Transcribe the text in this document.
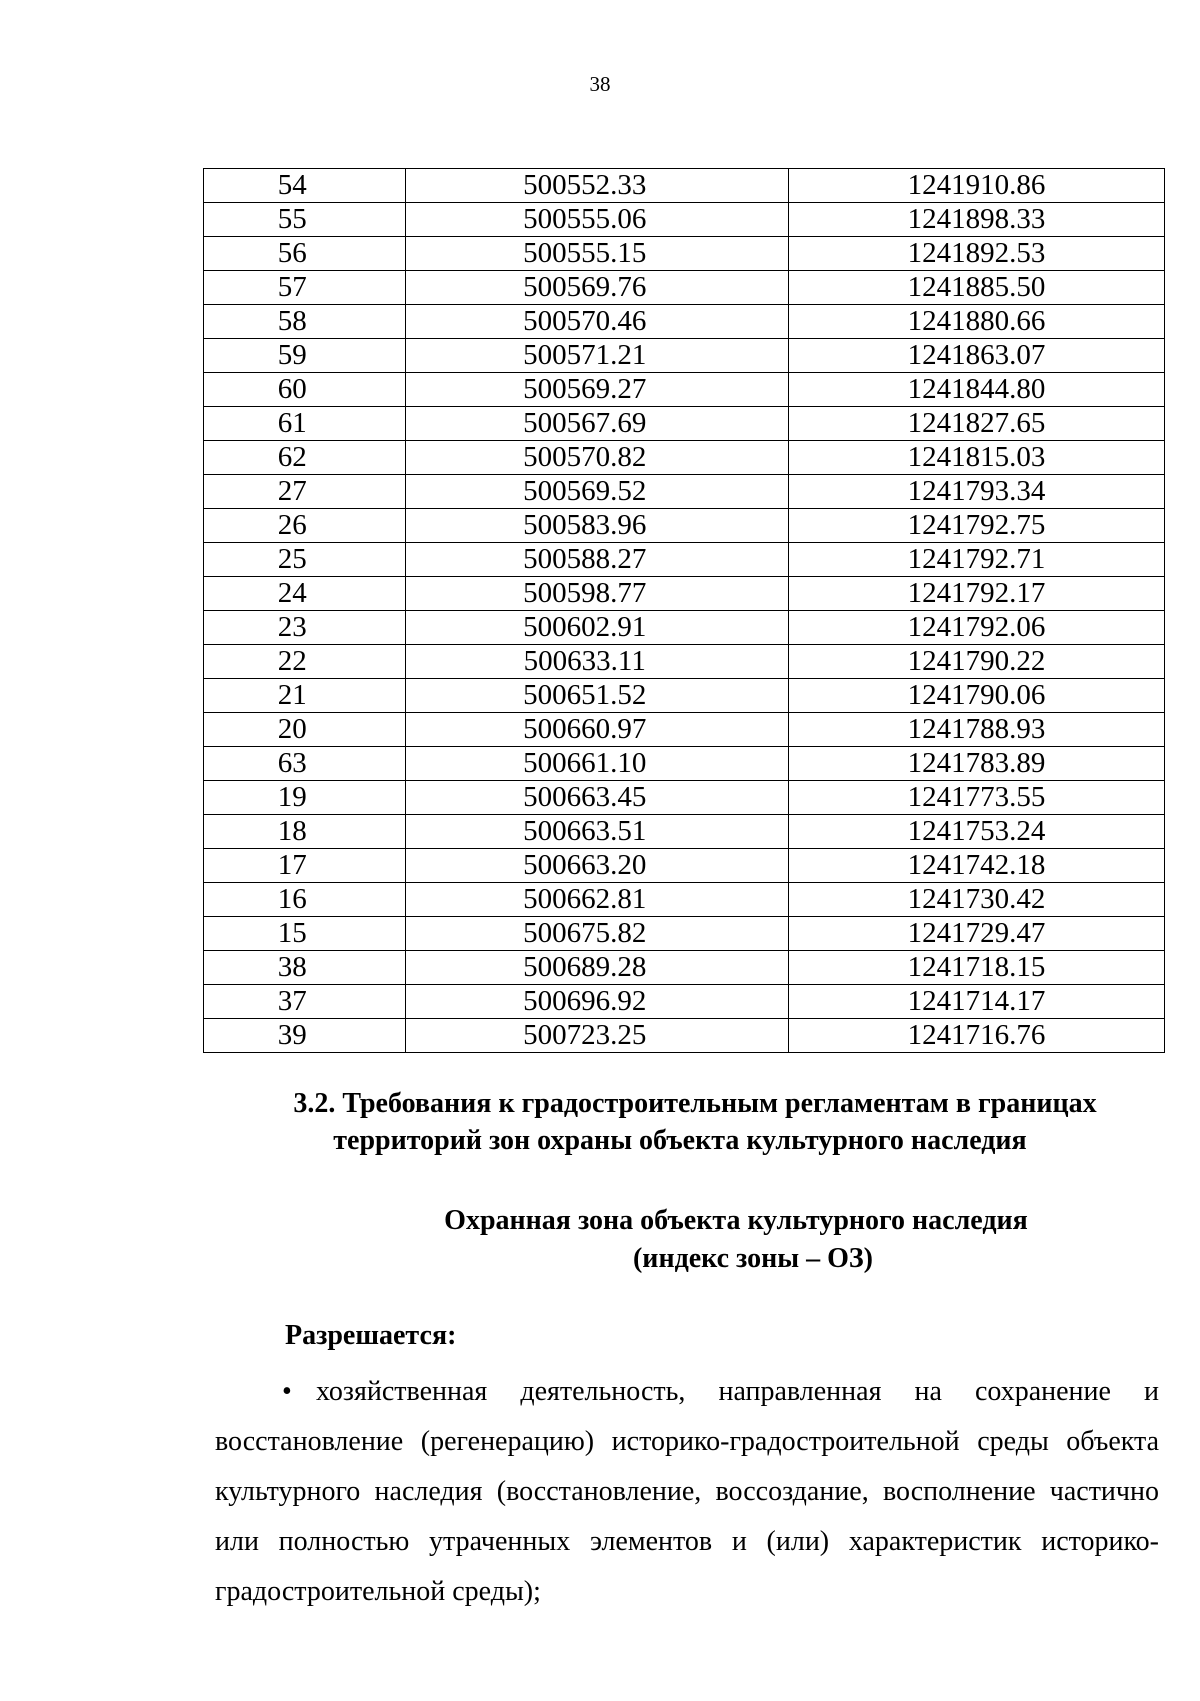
38
54	500552.33	1241910.86
55	500555.06	1241898.33
56	500555.15	1241892.53
57	500569.76	1241885.50
58	500570.46	1241880.66
59	500571.21	1241863.07
60	500569.27	1241844.80
61	500567.69	1241827.65
62	500570.82	1241815.03
27	500569.52	1241793.34
26	500583.96	1241792.75
25	500588.27	1241792.71
24	500598.77	1241792.17
23	500602.91	1241792.06
22	500633.11	1241790.22
21	500651.52	1241790.06
20	500660.97	1241788.93
63	500661.10	1241783.89
19	500663.45	1241773.55
18	500663.51	1241753.24
17	500663.20	1241742.18
16	500662.81	1241730.42
15	500675.82	1241729.47
38	500689.28	1241718.15
37	500696.92	1241714.17
39	500723.25	1241716.76
3.2. Требования к градостроительным регламентам в границах
территорий зон охраны объекта культурного наследия
Охранная зона объекта культурного наследия
(индекс зоны – ОЗ)
Разрешается:
• хозяйственная деятельность, направленная на сохранение и восстановление (регенерацию) историко-градостроительной среды объекта культурного наследия (восстановление, воссоздание, восполнение частично или полностью утраченных элементов и (или) характеристик историко-градостроительной среды);
